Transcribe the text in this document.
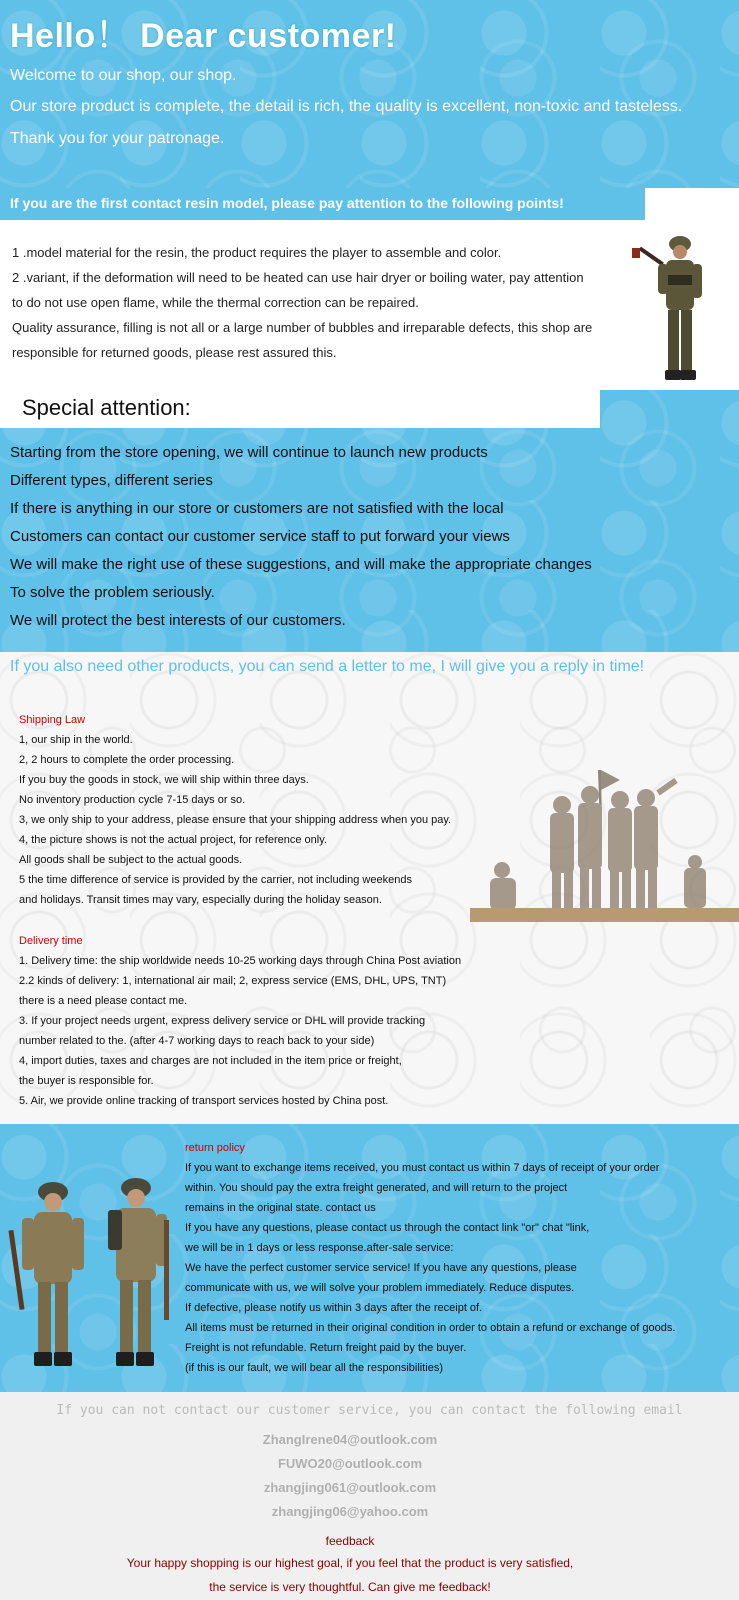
Hello！ Dear customer!
Welcome to our shop, our shop.
Our store product is complete, the detail is rich, the quality is excellent, non-toxic and tasteless.
Thank you for your patronage.
If you are the first contact resin model, please pay attention to the following points!
1 .model material for the resin, the product requires the player to assemble and color.
2 .variant, if the deformation will need to be heated can use hair dryer or boiling water, pay attention
to do not use open flame, while the thermal correction can be repaired.
Quality assurance, filling is not all or a large number of bubbles and irreparable defects, this shop are
responsible for returned goods, please rest assured this.
Special attention:
Starting from the store opening, we will continue to launch new products
Different types, different series
If there is anything in our store or customers are not satisfied with the local
Customers can contact our customer service staff to put forward your views
We will make the right use of these suggestions, and will make the appropriate changes
To solve the problem seriously.
We will protect the best interests of our customers.
If you also need other products, you can send a letter to me, I will give you a reply in time!
Shipping Law
1, our ship in the world.
2, 2 hours to complete the order processing.
If you buy the goods in stock, we will ship within three days.
No inventory production cycle 7-15 days or so.
3, we only ship to your address, please ensure that your shipping address when you pay.
4, the picture shows is not the actual project, for reference only.
All goods shall be subject to the actual goods.
5 the time difference of service is provided by the carrier, not including weekends
and holidays. Transit times may vary, especially during the holiday season.
Delivery time
1. Delivery time: the ship worldwide needs 10-25 working days through China Post aviation
2.2 kinds of delivery: 1, international air mail; 2, express service (EMS, DHL, UPS, TNT)
there is a need please contact me.
3. If your project needs urgent, express delivery service or DHL will provide tracking
number related to the. (after 4-7 working days to reach back to your side)
4, import duties, taxes and charges are not included in the item price or freight,
the buyer is responsible for.
5. Air, we provide online tracking of transport services hosted by China post.
return policy
If you want to exchange items received, you must contact us within 7 days of receipt of your order
within. You should pay the extra freight generated, and will return to the project
remains in the original state. contact us
If you have any questions, please contact us through the contact link "or" chat "link,
we will be in 1 days or less response.after-sale service:
We have the perfect customer service service! If you have any questions, please
communicate with us, we will solve your problem immediately. Reduce disputes.
If defective, please notify us within 3 days after the receipt of.
All items must be returned in their original condition in order to obtain a refund or exchange of goods.
Freight is not refundable. Return freight paid by the buyer.
(if this is our fault, we will bear all the responsibilities)
If you can not contact our customer service, you can contact the following email
ZhangIrene04@outlook.com
FUWO20@outlook.com
zhangjing061@outlook.com
zhangjing06@yahoo.com
feedback
Your happy shopping is our highest goal, if you feel that the product is very satisfied,
the service is very thoughtful. Can give me feedback!
